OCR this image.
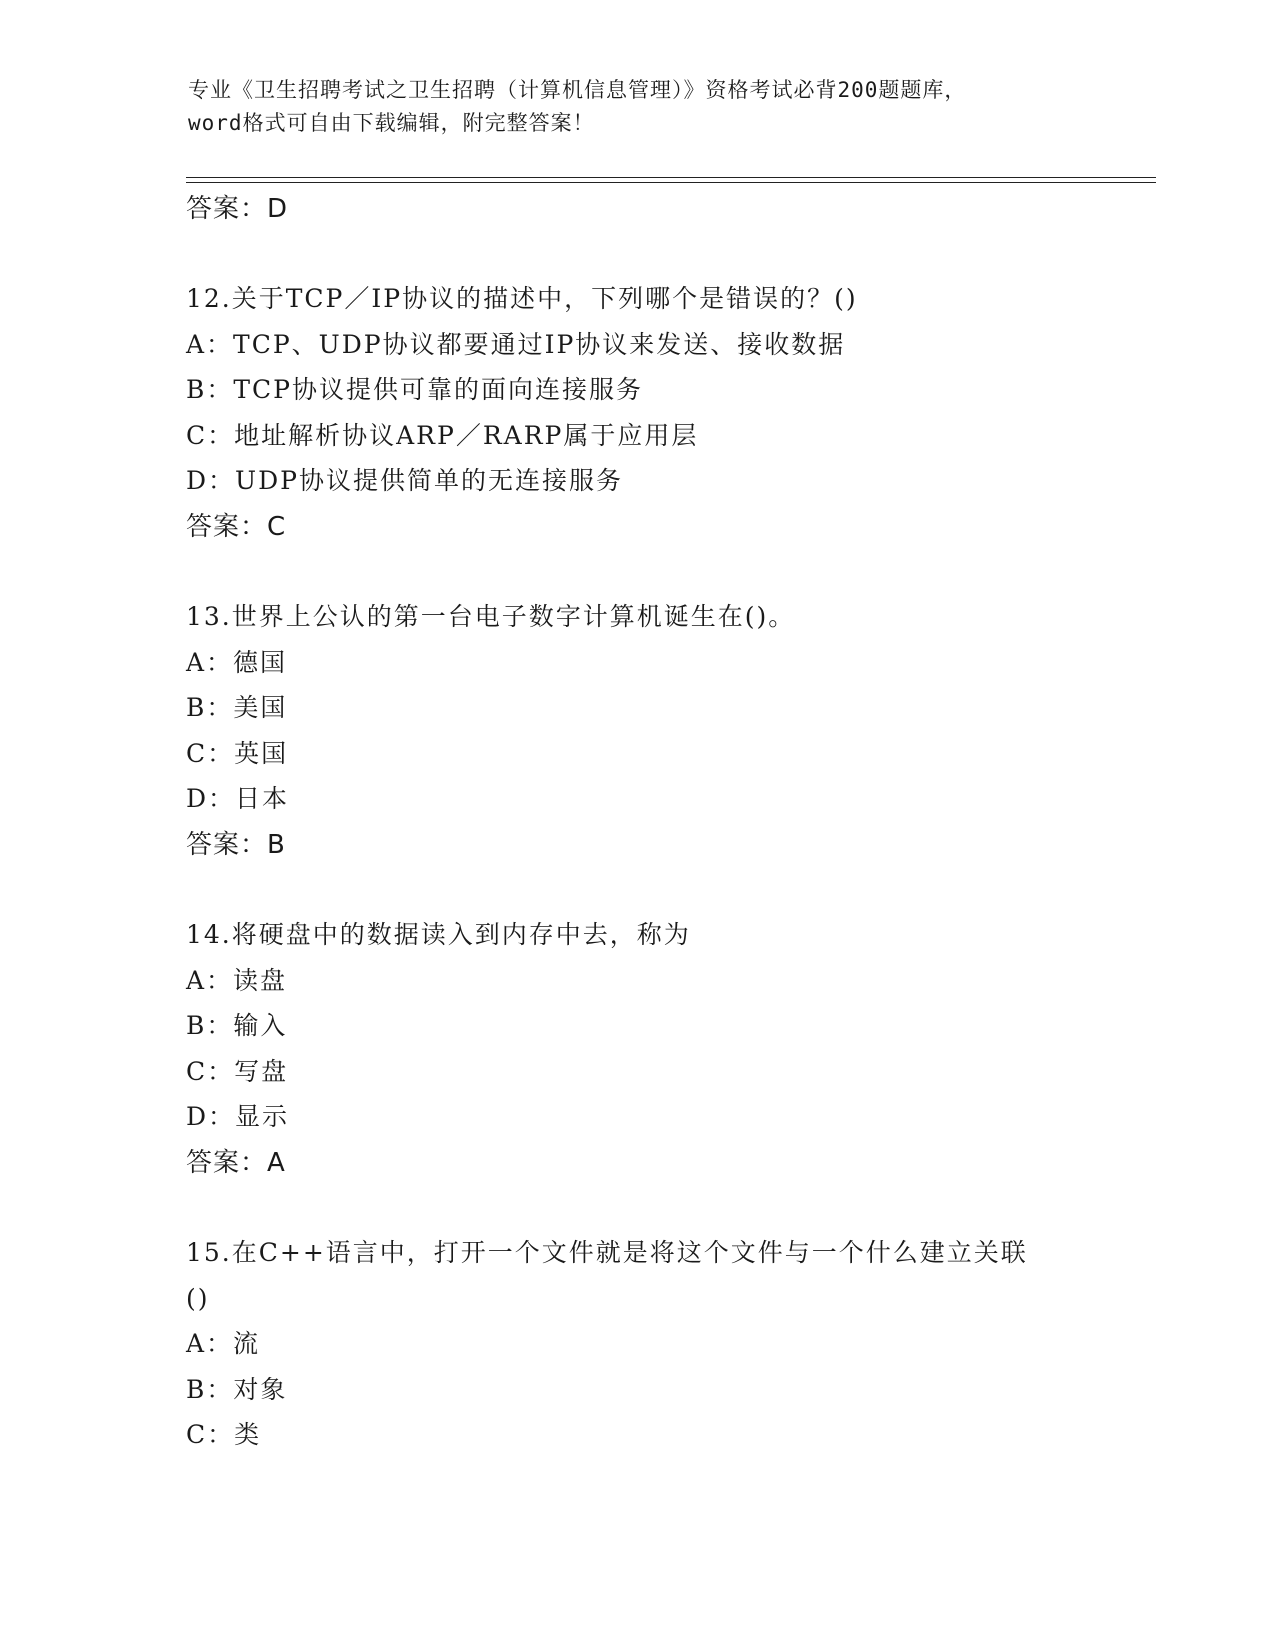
专业《卫生招聘考试之卫生招聘（计算机信息管理）》资格考试必背200题题库，
word格式可自由下载编辑，附完整答案！
答案：D
12.关于TCP／IP协议的描述中，下列哪个是错误的？()
A：TCP、UDP协议都要通过IP协议来发送、接收数据
B：TCP协议提供可靠的面向连接服务
C：地址解析协议ARP／RARP属于应用层
D：UDP协议提供简单的无连接服务
答案：C
13.世界上公认的第一台电子数字计算机诞生在()。
A：德国
B：美国
C：英国
D：日本
答案：B
14.将硬盘中的数据读入到内存中去，称为
A：读盘
B：输入
C：写盘
D：显示
答案：A
15.在C++语言中，打开一个文件就是将这个文件与一个什么建立关联
()
A：流
B：对象
C：类
